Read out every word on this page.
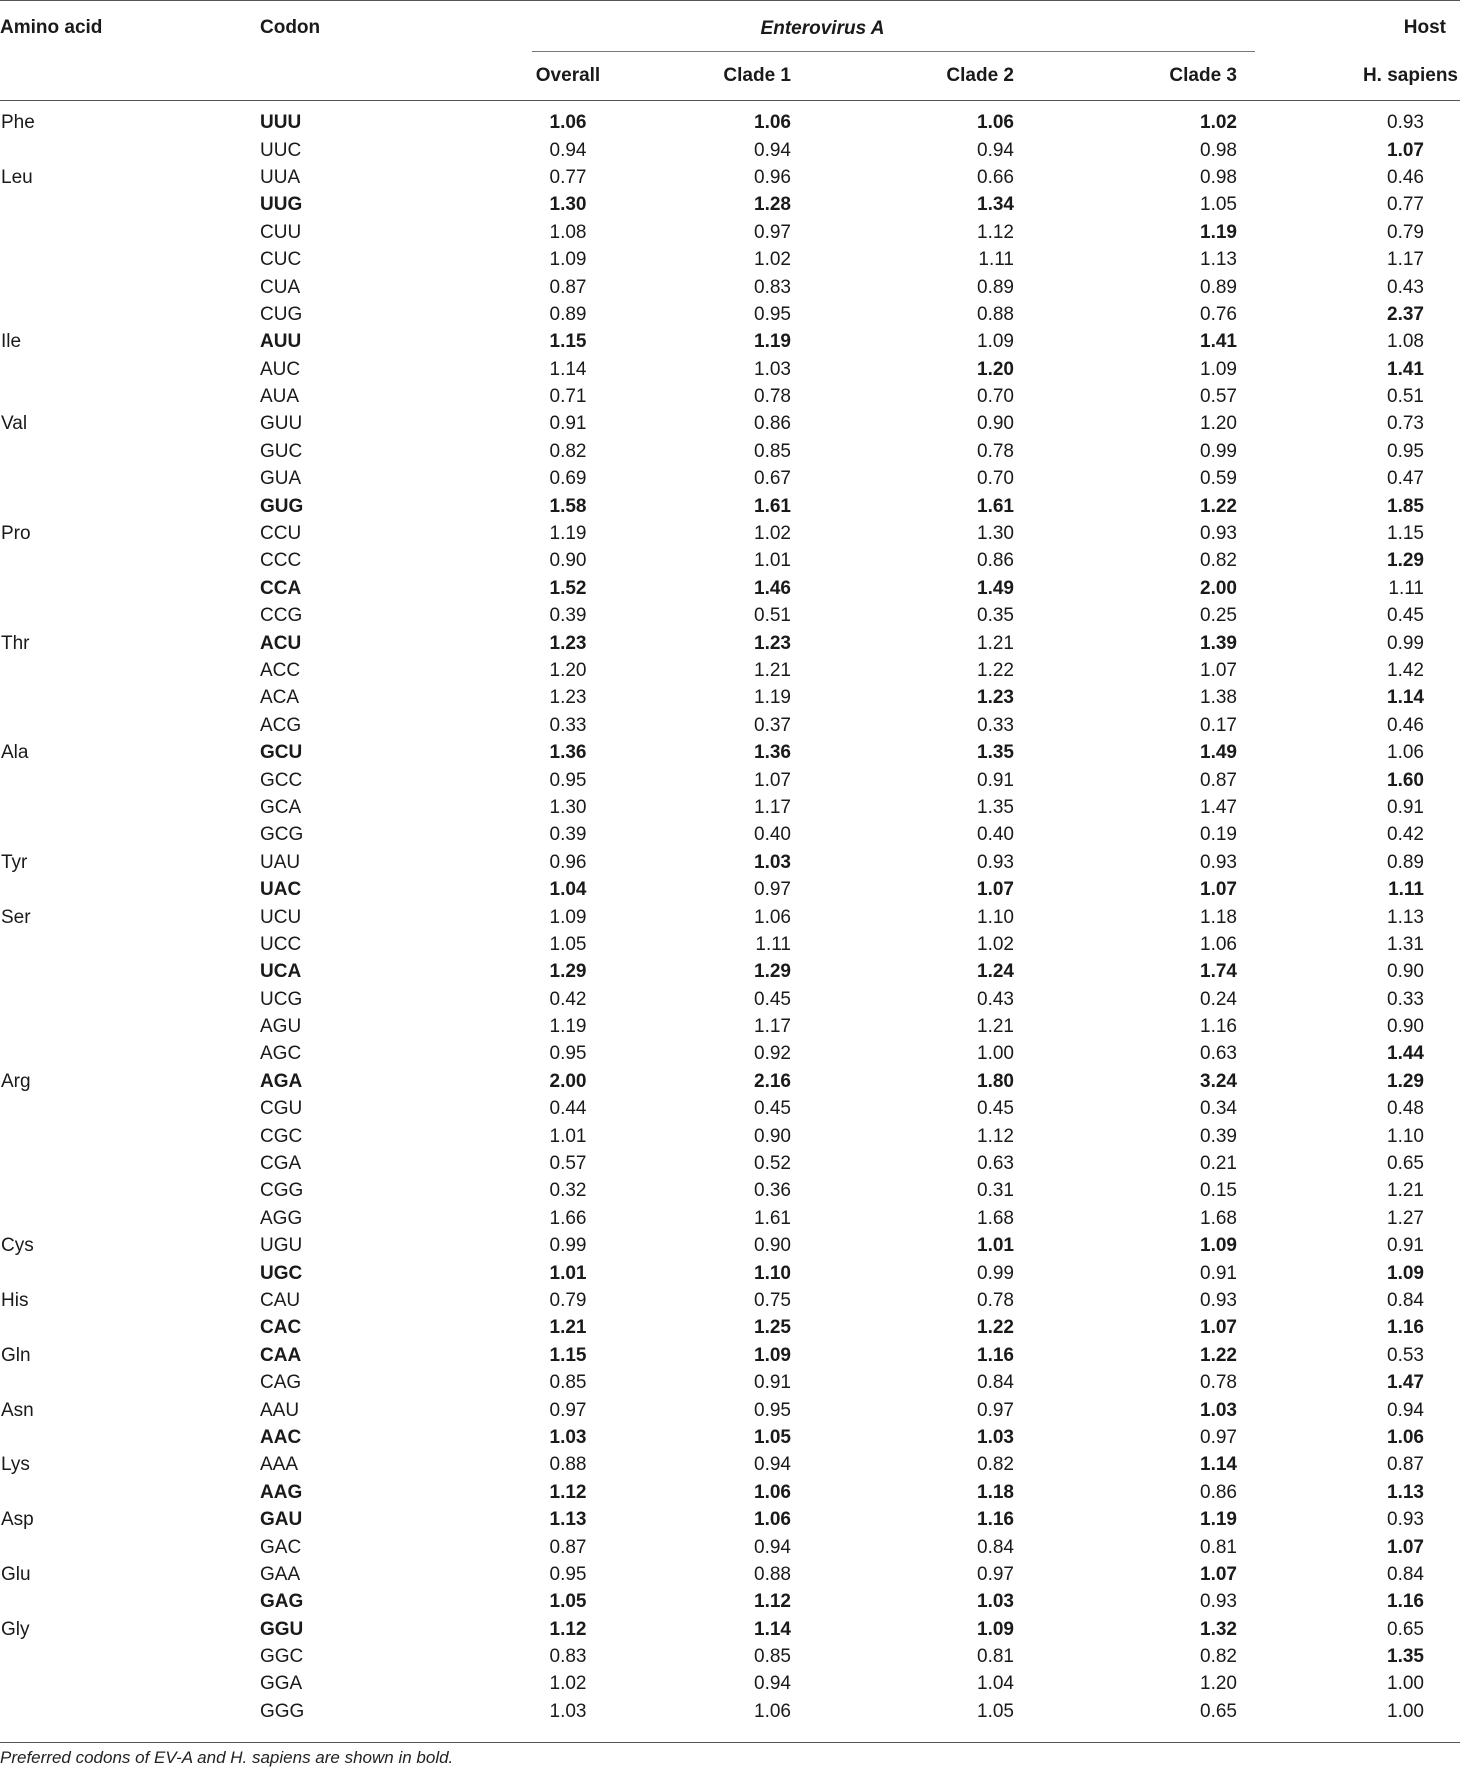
Amino acid	Codon	Enterovirus A				Host
		Overall	Clade 1	Clade 2	Clade 3	H. sapiens
Phe	UUU	1.06	1.06	1.06	1.02	0.93
	UUC	0.94	0.94	0.94	0.98	1.07
Leu	UUA	0.77	0.96	0.66	0.98	0.46
	UUG	1.30	1.28	1.34	1.05	0.77
	CUU	1.08	0.97	1.12	1.19	0.79
	CUC	1.09	1.02	1.11	1.13	1.17
	CUA	0.87	0.83	0.89	0.89	0.43
	CUG	0.89	0.95	0.88	0.76	2.37
Ile	AUU	1.15	1.19	1.09	1.41	1.08
	AUC	1.14	1.03	1.20	1.09	1.41
	AUA	0.71	0.78	0.70	0.57	0.51
Val	GUU	0.91	0.86	0.90	1.20	0.73
	GUC	0.82	0.85	0.78	0.99	0.95
	GUA	0.69	0.67	0.70	0.59	0.47
	GUG	1.58	1.61	1.61	1.22	1.85
Pro	CCU	1.19	1.02	1.30	0.93	1.15
	CCC	0.90	1.01	0.86	0.82	1.29
	CCA	1.52	1.46	1.49	2.00	1.11
	CCG	0.39	0.51	0.35	0.25	0.45
Thr	ACU	1.23	1.23	1.21	1.39	0.99
	ACC	1.20	1.21	1.22	1.07	1.42
	ACA	1.23	1.19	1.23	1.38	1.14
	ACG	0.33	0.37	0.33	0.17	0.46
Ala	GCU	1.36	1.36	1.35	1.49	1.06
	GCC	0.95	1.07	0.91	0.87	1.60
	GCA	1.30	1.17	1.35	1.47	0.91
	GCG	0.39	0.40	0.40	0.19	0.42
Tyr	UAU	0.96	1.03	0.93	0.93	0.89
	UAC	1.04	0.97	1.07	1.07	1.11
Ser	UCU	1.09	1.06	1.10	1.18	1.13
	UCC	1.05	1.11	1.02	1.06	1.31
	UCA	1.29	1.29	1.24	1.74	0.90
	UCG	0.42	0.45	0.43	0.24	0.33
	AGU	1.19	1.17	1.21	1.16	0.90
	AGC	0.95	0.92	1.00	0.63	1.44
Arg	AGA	2.00	2.16	1.80	3.24	1.29
	CGU	0.44	0.45	0.45	0.34	0.48
	CGC	1.01	0.90	1.12	0.39	1.10
	CGA	0.57	0.52	0.63	0.21	0.65
	CGG	0.32	0.36	0.31	0.15	1.21
	AGG	1.66	1.61	1.68	1.68	1.27
Cys	UGU	0.99	0.90	1.01	1.09	0.91
	UGC	1.01	1.10	0.99	0.91	1.09
His	CAU	0.79	0.75	0.78	0.93	0.84
	CAC	1.21	1.25	1.22	1.07	1.16
Gln	CAA	1.15	1.09	1.16	1.22	0.53
	CAG	0.85	0.91	0.84	0.78	1.47
Asn	AAU	0.97	0.95	0.97	1.03	0.94
	AAC	1.03	1.05	1.03	0.97	1.06
Lys	AAA	0.88	0.94	0.82	1.14	0.87
	AAG	1.12	1.06	1.18	0.86	1.13
Asp	GAU	1.13	1.06	1.16	1.19	0.93
	GAC	0.87	0.94	0.84	0.81	1.07
Glu	GAA	0.95	0.88	0.97	1.07	0.84
	GAG	1.05	1.12	1.03	0.93	1.16
Gly	GGU	1.12	1.14	1.09	1.32	0.65
	GGC	0.83	0.85	0.81	0.82	1.35
	GGA	1.02	0.94	1.04	1.20	1.00
	GGG	1.03	1.06	1.05	0.65	1.00
Preferred codons of EV-A and H. sapiens are shown in bold.
